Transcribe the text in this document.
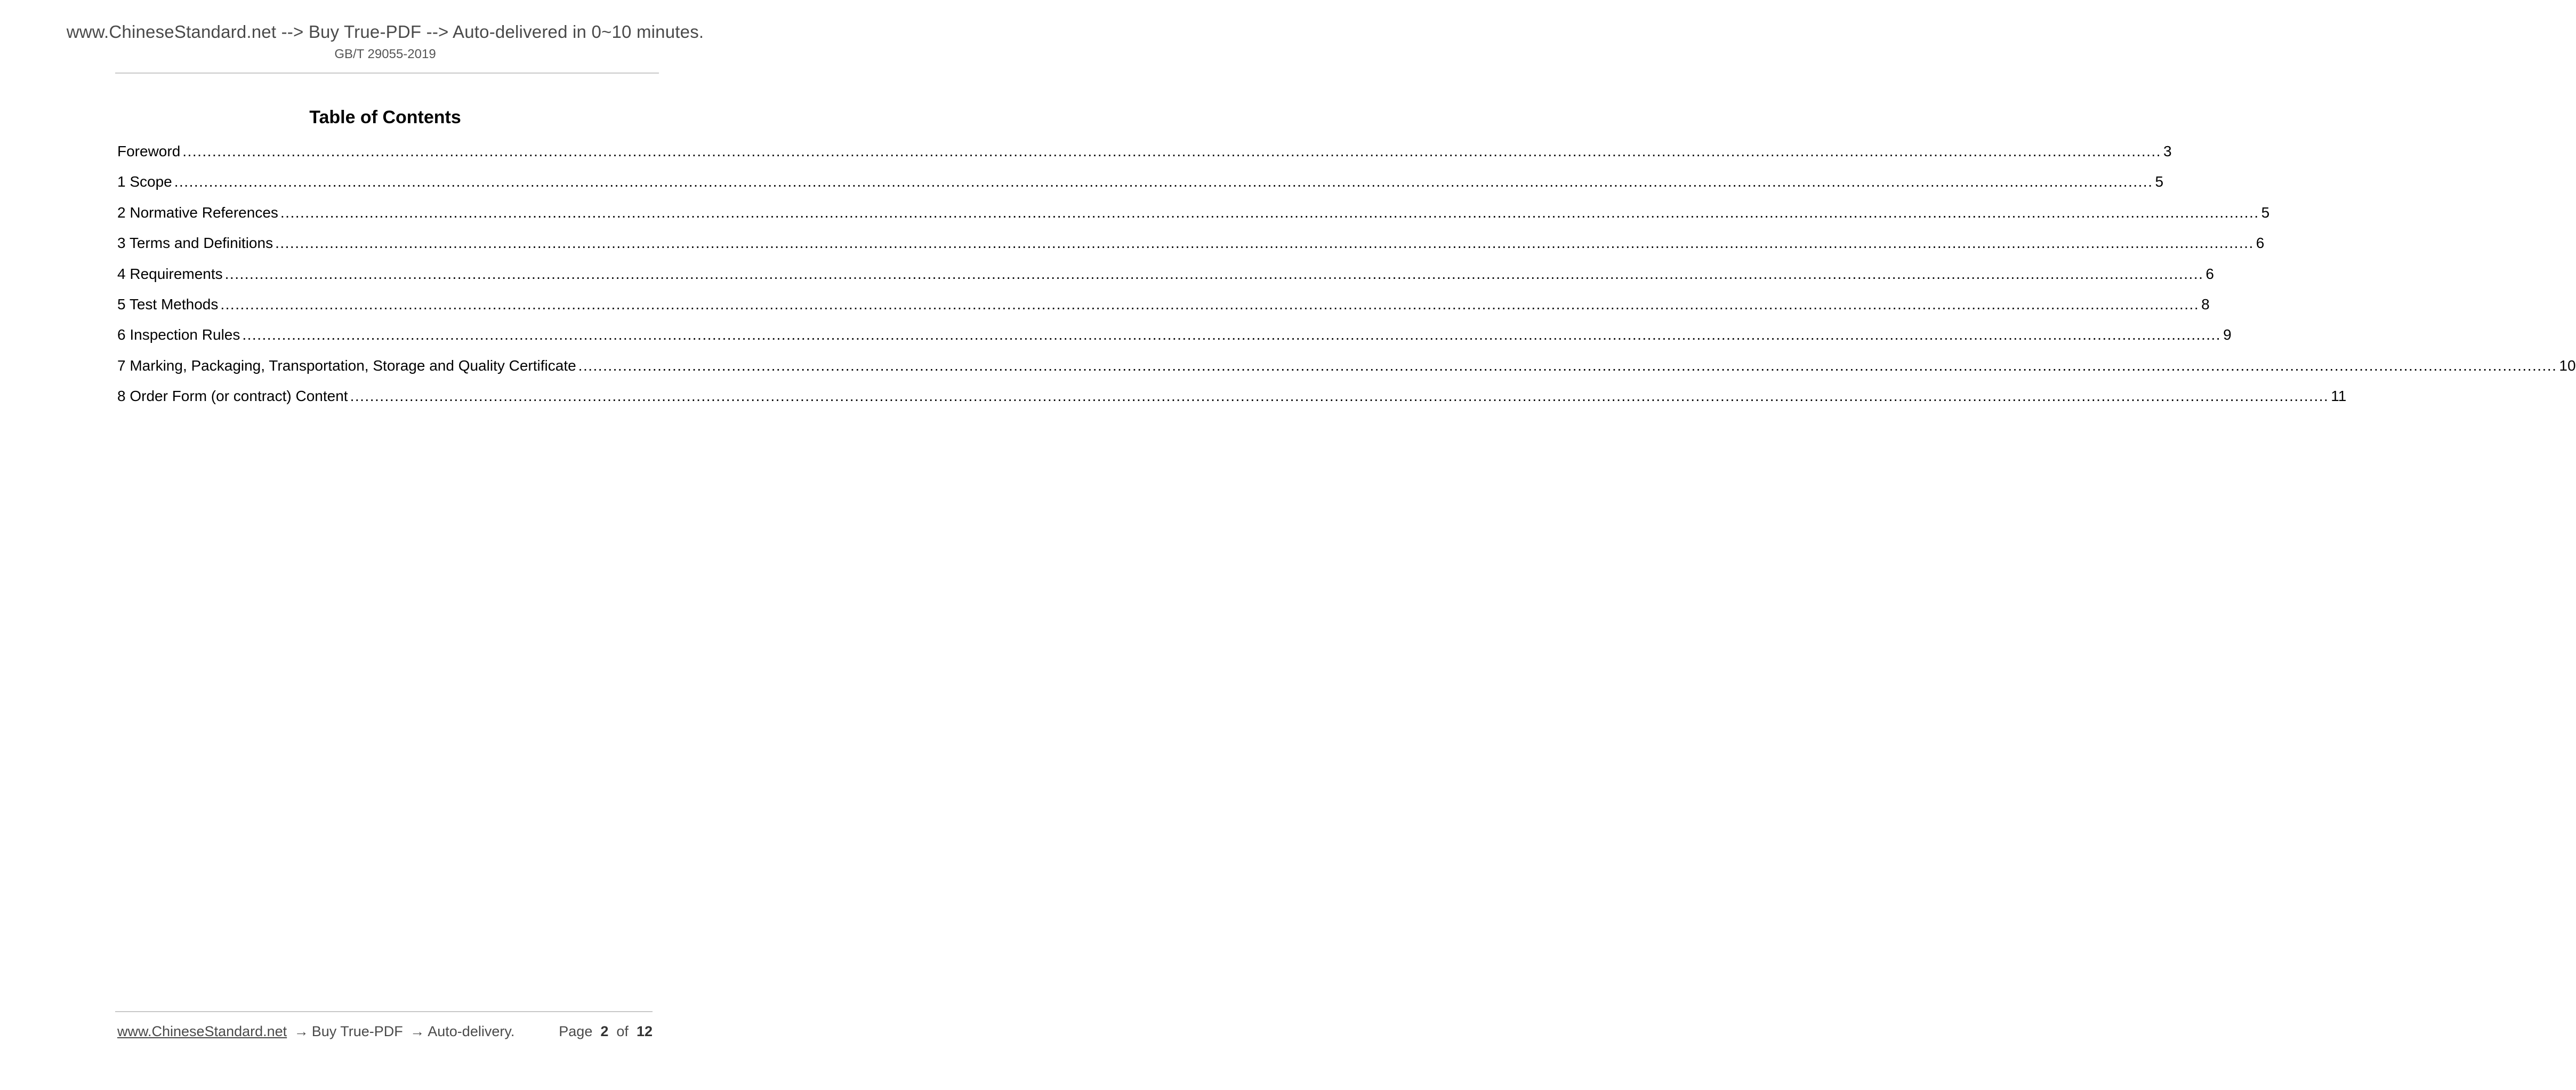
www.ChineseStandard.net --> Buy True-PDF --> Auto-delivered in 0~10 minutes.
GB/T 29055-2019
Table of Contents
Foreword ................................................................................................................................................................................................................................................................................................................................................................................................................ 3
1 Scope ................................................................................................................................................................................................................................................................................................................................................................................................................ 5
2 Normative References ................................................................................................................................................................................................................................................................................................................................................................................................................ 5
3 Terms and Definitions ................................................................................................................................................................................................................................................................................................................................................................................................................ 6
4 Requirements ................................................................................................................................................................................................................................................................................................................................................................................................................ 6
5 Test Methods ................................................................................................................................................................................................................................................................................................................................................................................................................ 8
6 Inspection Rules ................................................................................................................................................................................................................................................................................................................................................................................................................ 9
7 Marking, Packaging, Transportation, Storage and Quality Certificate ................................................................................................................................................................................................................................................................................................................................................................................................................ 10
8 Order Form (or contract) Content ................................................................................................................................................................................................................................................................................................................................................................................................................ 11
www.ChineseStandard.net → Buy True-PDF → Auto-delivery.	Page 2 of 12
